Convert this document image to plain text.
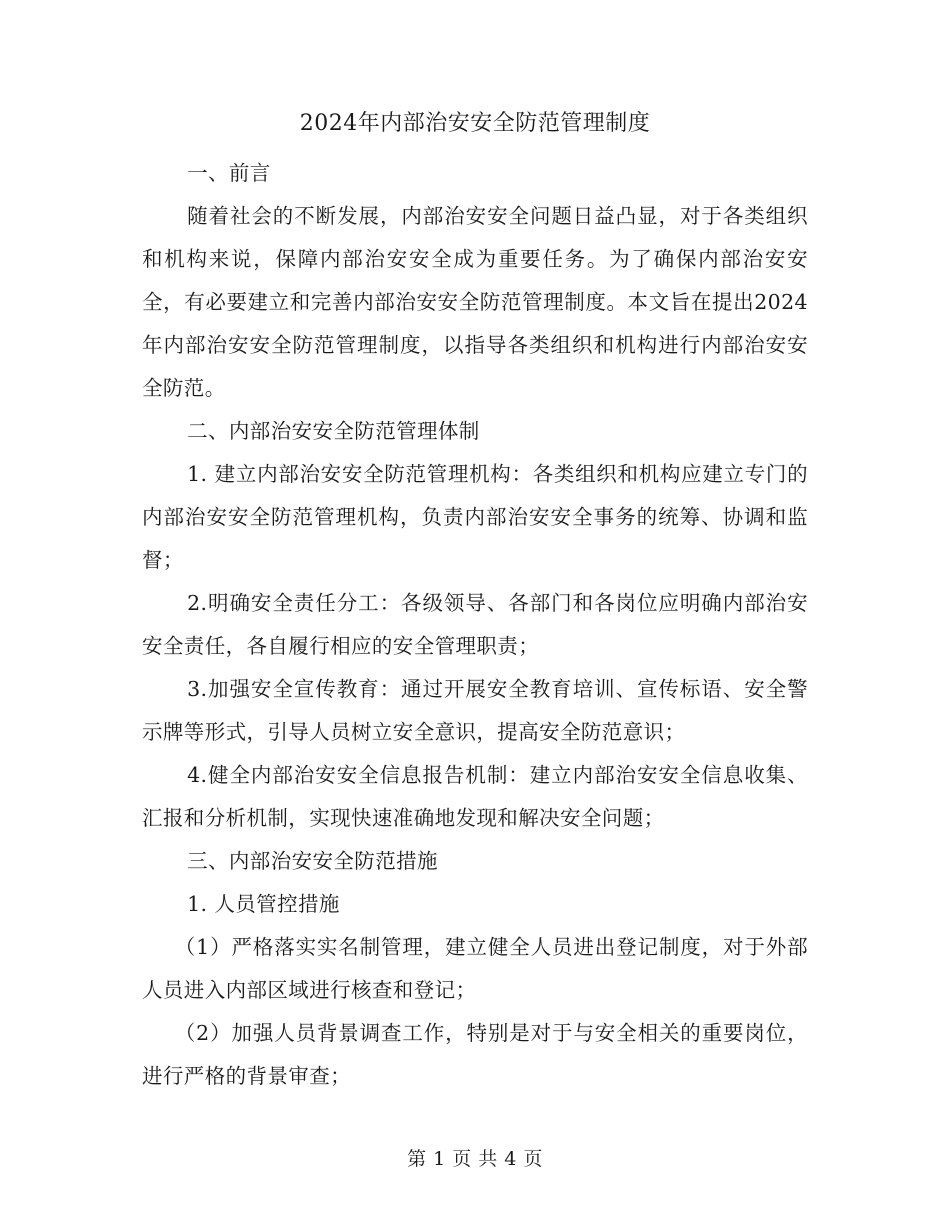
2024年内部治安安全防范管理制度

一、前言

随着社会的不断发展，内部治安安全问题日益凸显，对于各类组织和机构来说，保障内部治安安全成为重要任务。为了确保内部治安安全，有必要建立和完善内部治安安全防范管理制度。本文旨在提出2024年内部治安安全防范管理制度，以指导各类组织和机构进行内部治安安全防范。

二、内部治安安全防范管理体制

1. 建立内部治安安全防范管理机构：各类组织和机构应建立专门的内部治安安全防范管理机构，负责内部治安安全事务的统筹、协调和监督；

2.明确安全责任分工：各级领导、各部门和各岗位应明确内部治安安全责任，各自履行相应的安全管理职责；

3.加强安全宣传教育：通过开展安全教育培训、宣传标语、安全警示牌等形式，引导人员树立安全意识，提高安全防范意识；

4.健全内部治安安全信息报告机制：建立内部治安安全信息收集、汇报和分析机制，实现快速准确地发现和解决安全问题；

三、内部治安安全防范措施

1. 人员管控措施

（1）严格落实实名制管理，建立健全人员进出登记制度，对于外部人员进入内部区域进行核查和登记；

（2）加强人员背景调查工作，特别是对于与安全相关的重要岗位，进行严格的背景审查；

第 1 页 共 4 页
